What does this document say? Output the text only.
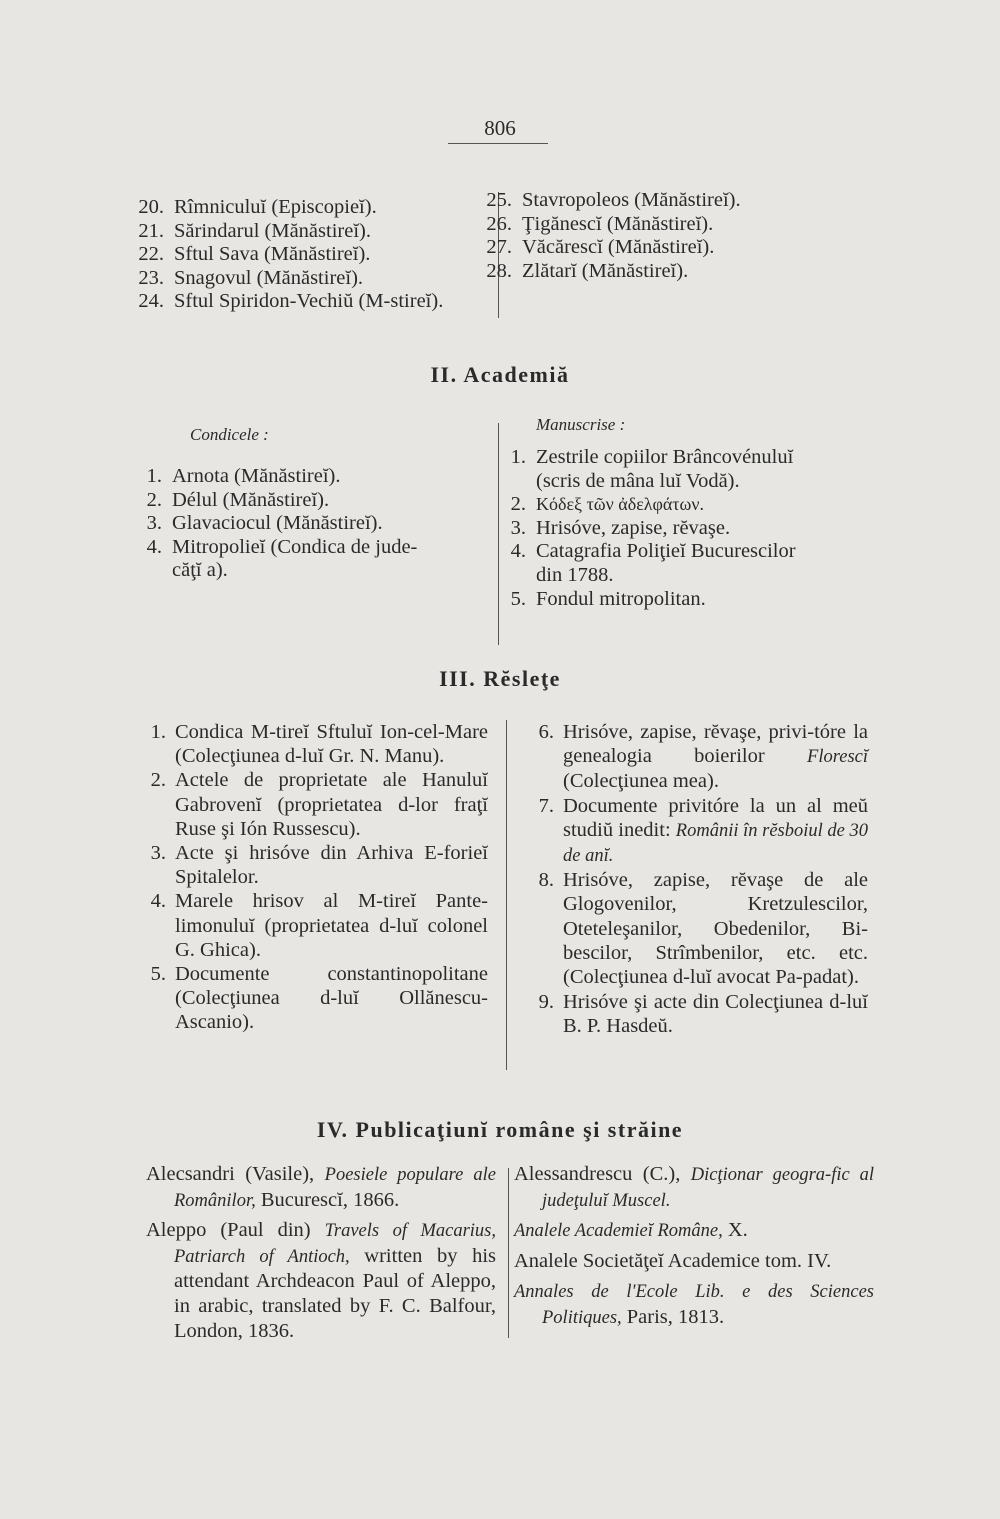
806
20. Rîmniculuĭ (Episcopieĭ).
21. Sărindarul (Mănăstireĭ).
22. Sftul Sava (Mănăstireĭ).
23. Snagovul (Mănăstireĭ).
24. Sftul Spiridon-Vechiŭ (M-stireĭ).
25. Stavropoleos (Mănăstireĭ).
26. Ţigănescĭ (Mănăstireĭ).
27. Văcărescĭ (Mănăstireĭ).
28. Zlătarĭ (Mănăstireĭ).
II. Academiă
Condicele :
Manuscrise :
1. Arnota (Mănăstireĭ).
2. Délul (Mănăstireĭ).
3. Glavaciocul (Mănăstireĭ).
4. Mitropolieĭ (Condica de jude-
căţĭ a).
1. Zestrile copiilor Brâncovénuluĭ
(scris de mâna luĭ Vodă).
2. Κόδεξ τῶν ἀδελφάτων.
3. Hrisóve, zapise, rĕvaşe.
4. Catagrafia Poliţieĭ Bucurescilor
din 1788.
5. Fondul mitropolitan.
III. Rĕsleţe
1. Condica M-tireĭ Sftuluĭ Ion-cel-Mare (Colecţiunea d-luĭ Gr. N. Manu).
2. Actele de proprietate ale Hanuluĭ Gabrovenĭ (proprietatea d-lor fraţĭ Ruse şi Ión Russescu).
3. Acte şi hrisóve din Arhiva E-forieĭ Spitalelor.
4. Marele hrisov al M-tireĭ Pante-limonuluĭ (proprietatea d-luĭ colonel G. Ghica).
5. Documente constantinopolitane (Colecţiunea d-luĭ Ollănescu-Ascanio).
6. Hrisóve, zapise, rĕvaşe, privi-tóre la genealogia boierilor Florescĭ (Colecţiunea mea).
7. Documente privitóre la un al meŭ studiŭ inedit: Românii în rĕsboiul de 30 de anĭ.
8. Hrisóve, zapise, rĕvaşe de ale Glogovenilor, Kretzulescilor, Oteteleşanilor, Obedenilor, Bi-bescilor, Strîmbenilor, etc. etc. (Colecţiunea d-luĭ avocat Pa-padat).
9. Hrisóve şi acte din Colecţiunea d-luĭ B. P. Hasdeŭ.
IV. Publicaţiunĭ române şi străine
Alecsandri (Vasile), Poesiele populare ale Românilor, Bucurescĭ, 1866.
Aleppo (Paul din) Travels of Macarius, Patriarch of Antioch, written by his attendant Archdeacon Paul of Aleppo, in arabic, translated by F. C. Balfour, London, 1836.
Alessandrescu (C.), Dicţionar geogra-fic al judeţuluĭ Muscel.
Analele Academieĭ Române, X.
Analele Societăţeĭ Academice tom. IV.
Annales de l'Ecole Lib. e des Sciences Politiques, Paris, 1813.
